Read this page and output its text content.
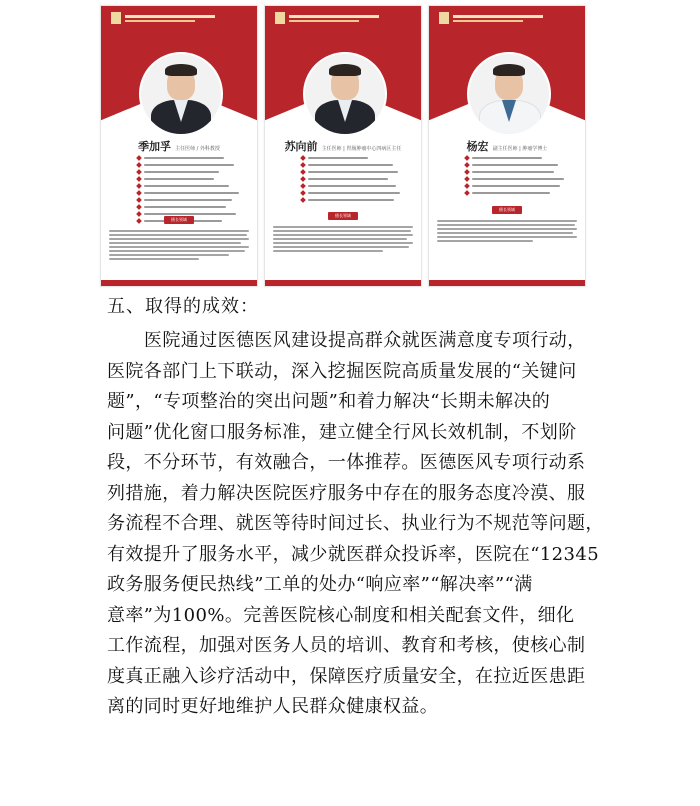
季加孚 主任医师 / 外科教授
擅长领域
苏向前 主任医师 | 胃肠肿瘤中心四病区主任
擅长领域
杨宏 副主任医师 | 肿瘤学博士
擅长领域
五、取得的成效：

医院通过医德医风建设提高群众就医满意度专项行动，

医院各部门上下联动，深入挖掘医院高质量发展的“关键问

题”，“专项整治的突出问题”和着力解决“长期未解决的

问题”优化窗口服务标准，建立健全行风长效机制，不划阶

段，不分环节，有效融合，一体推荐。医德医风专项行动系

列措施，着力解决医院医疗服务中存在的服务态度冷漠、服

务流程不合理、就医等待时间过长、执业行为不规范等问题，

有效提升了服务水平，减少就医群众投诉率，医院在“12345

政务服务便民热线”工单的处办“响应率”“解决率”“满

意率”为100%。完善医院核心制度和相关配套文件，细化

工作流程，加强对医务人员的培训、教育和考核，使核心制

度真正融入诊疗活动中，保障医疗质量安全，在拉近医患距

离的同时更好地维护人民群众健康权益。
